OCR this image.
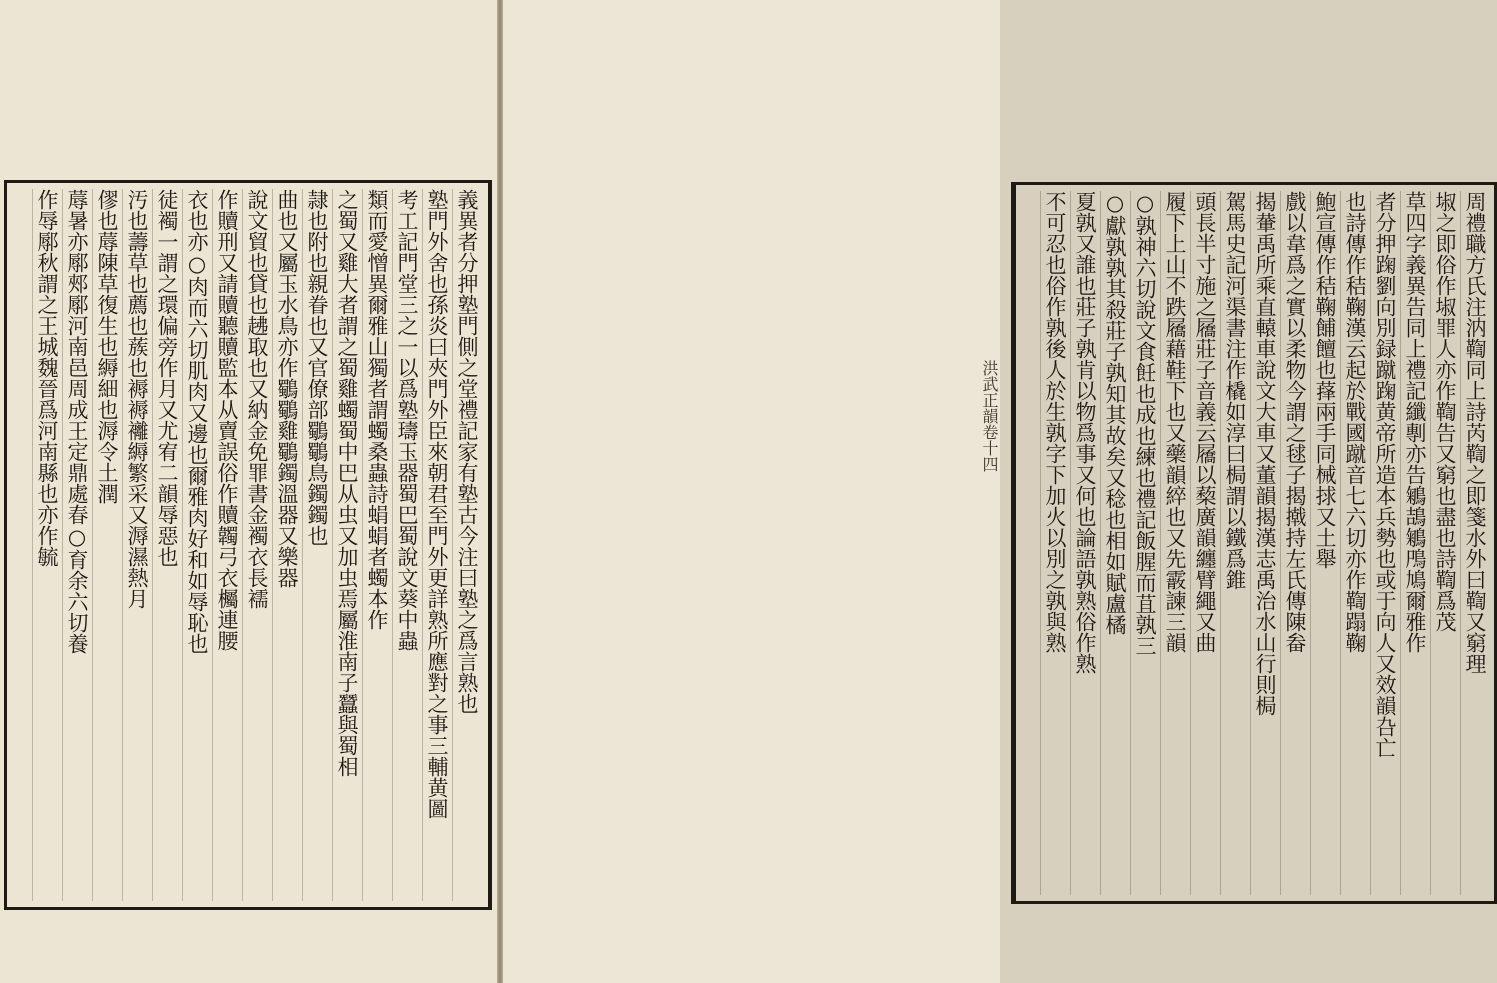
義異者分押塾門側之堂禮記家有塾古今注曰塾之爲言熟也
塾門外舍也孫炎曰夾門外臣來朝君至門外更詳熟所應對之事三輔黄圖
考工記門堂三之一以爲塾璹玉器蜀巴蜀說文葵中蟲
類而愛憎異爾雅山獨者謂蠋桑蟲詩蜎蜎者蠋本作
之蜀又雞大者謂之蜀雞蠋蜀中巴从虫又加虫焉屬淮南子蠶與蜀相
隷也附也親眷也又官僚部鸀鸀鳥鐲鐲也
曲也又屬玉水鳥亦作鸀鸀雞鸀鐲溫器又樂器
說文貿也貸也䞞取也又納金免罪書金襡衣長襦
作贖刑又請贖聽贖監本从賣誤俗作贖韣弓衣欘連腰
衣也亦○肉而六切肌肉又邊也爾雅肉好和如辱恥也
徒襡一謂之環偏旁作月又尤宥二韻辱惡也
汚也薵草也薦也蔟也褥褥䙰縟繁采又溽濕熱月
僇也蓐陳草復生也縟細也溽令土潤
蓐暑亦鄏郟鄏河南邑周成王定鼎處春○育余六切養
作辱鄏秋謂之王城魏晉爲河南縣也亦作毓	周禮職方氏注汭鞫同上詩芮鞫之即箋水外曰鞫又窮理
埱之即俗作埱罪人亦作鞫告又窮也盡也詩鞫爲茂
草四字義異告同上禮記纖剸亦告鵴鴶鵴鳲鳩爾雅作
者分押踘劉向別録蹴踘黄帝所造本兵勢也或于向人又效韻叴亡
也詩傳作秸鞠漢云起於戰國蹴音七六切亦作鞫蹋鞠
鮑宣傳作秸鞠餔饘也萚兩手同械捄又土舉
戲以韋爲之實以柔物今謂之毬子揭撠持左氏傳陳畚
揭輂禹所乘直轅車說文大車又董韻揭漢志禹治水山行則梮
駕馬史記河渠書注作橇如淳曰梮謂以鐵爲錐
頭長半寸施之屩莊子音義云屩以蔾廣韻纏臂繩又曲
履下上山不跌屩藉鞋下也又藥韻綷也又先霰諫三韻
○孰神六切說文食飪也成也練也禮記飯腥而苴孰三
○獻孰孰其殺莊子孰知其故矣又稔也相如賦盧橘
夏孰又誰也莊子孰肯以物爲事又何也論語孰熟俗作熟
不可忍也俗作孰後人於生孰字下加火以別之孰與熟
洪武正韻卷十四
